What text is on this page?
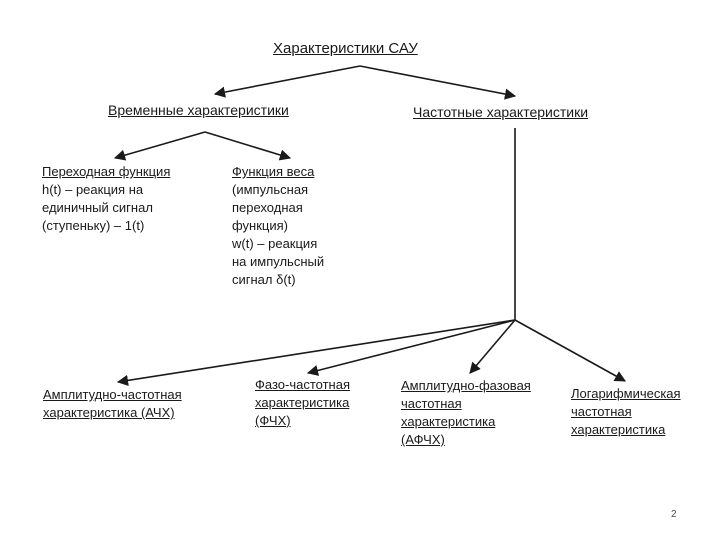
Характеристики САУ
Временные характеристики	Частотные характеристики
Переходная функция
h(t) – реакция на
единичный сигнал
(ступеньку) – 1(t)
Функция веса
(импульсная
переходная
функция)
w(t) – реакция
на импульсный
сигнал δ(t)
Амплитудно-частотная
характеристика (АЧХ)
Фазо-частотная
характеристика
(ФЧХ)
Амплитудно-фазовая
частотная
характеристика
(АФЧХ)
Логарифмическая
частотная
характеристика
2
